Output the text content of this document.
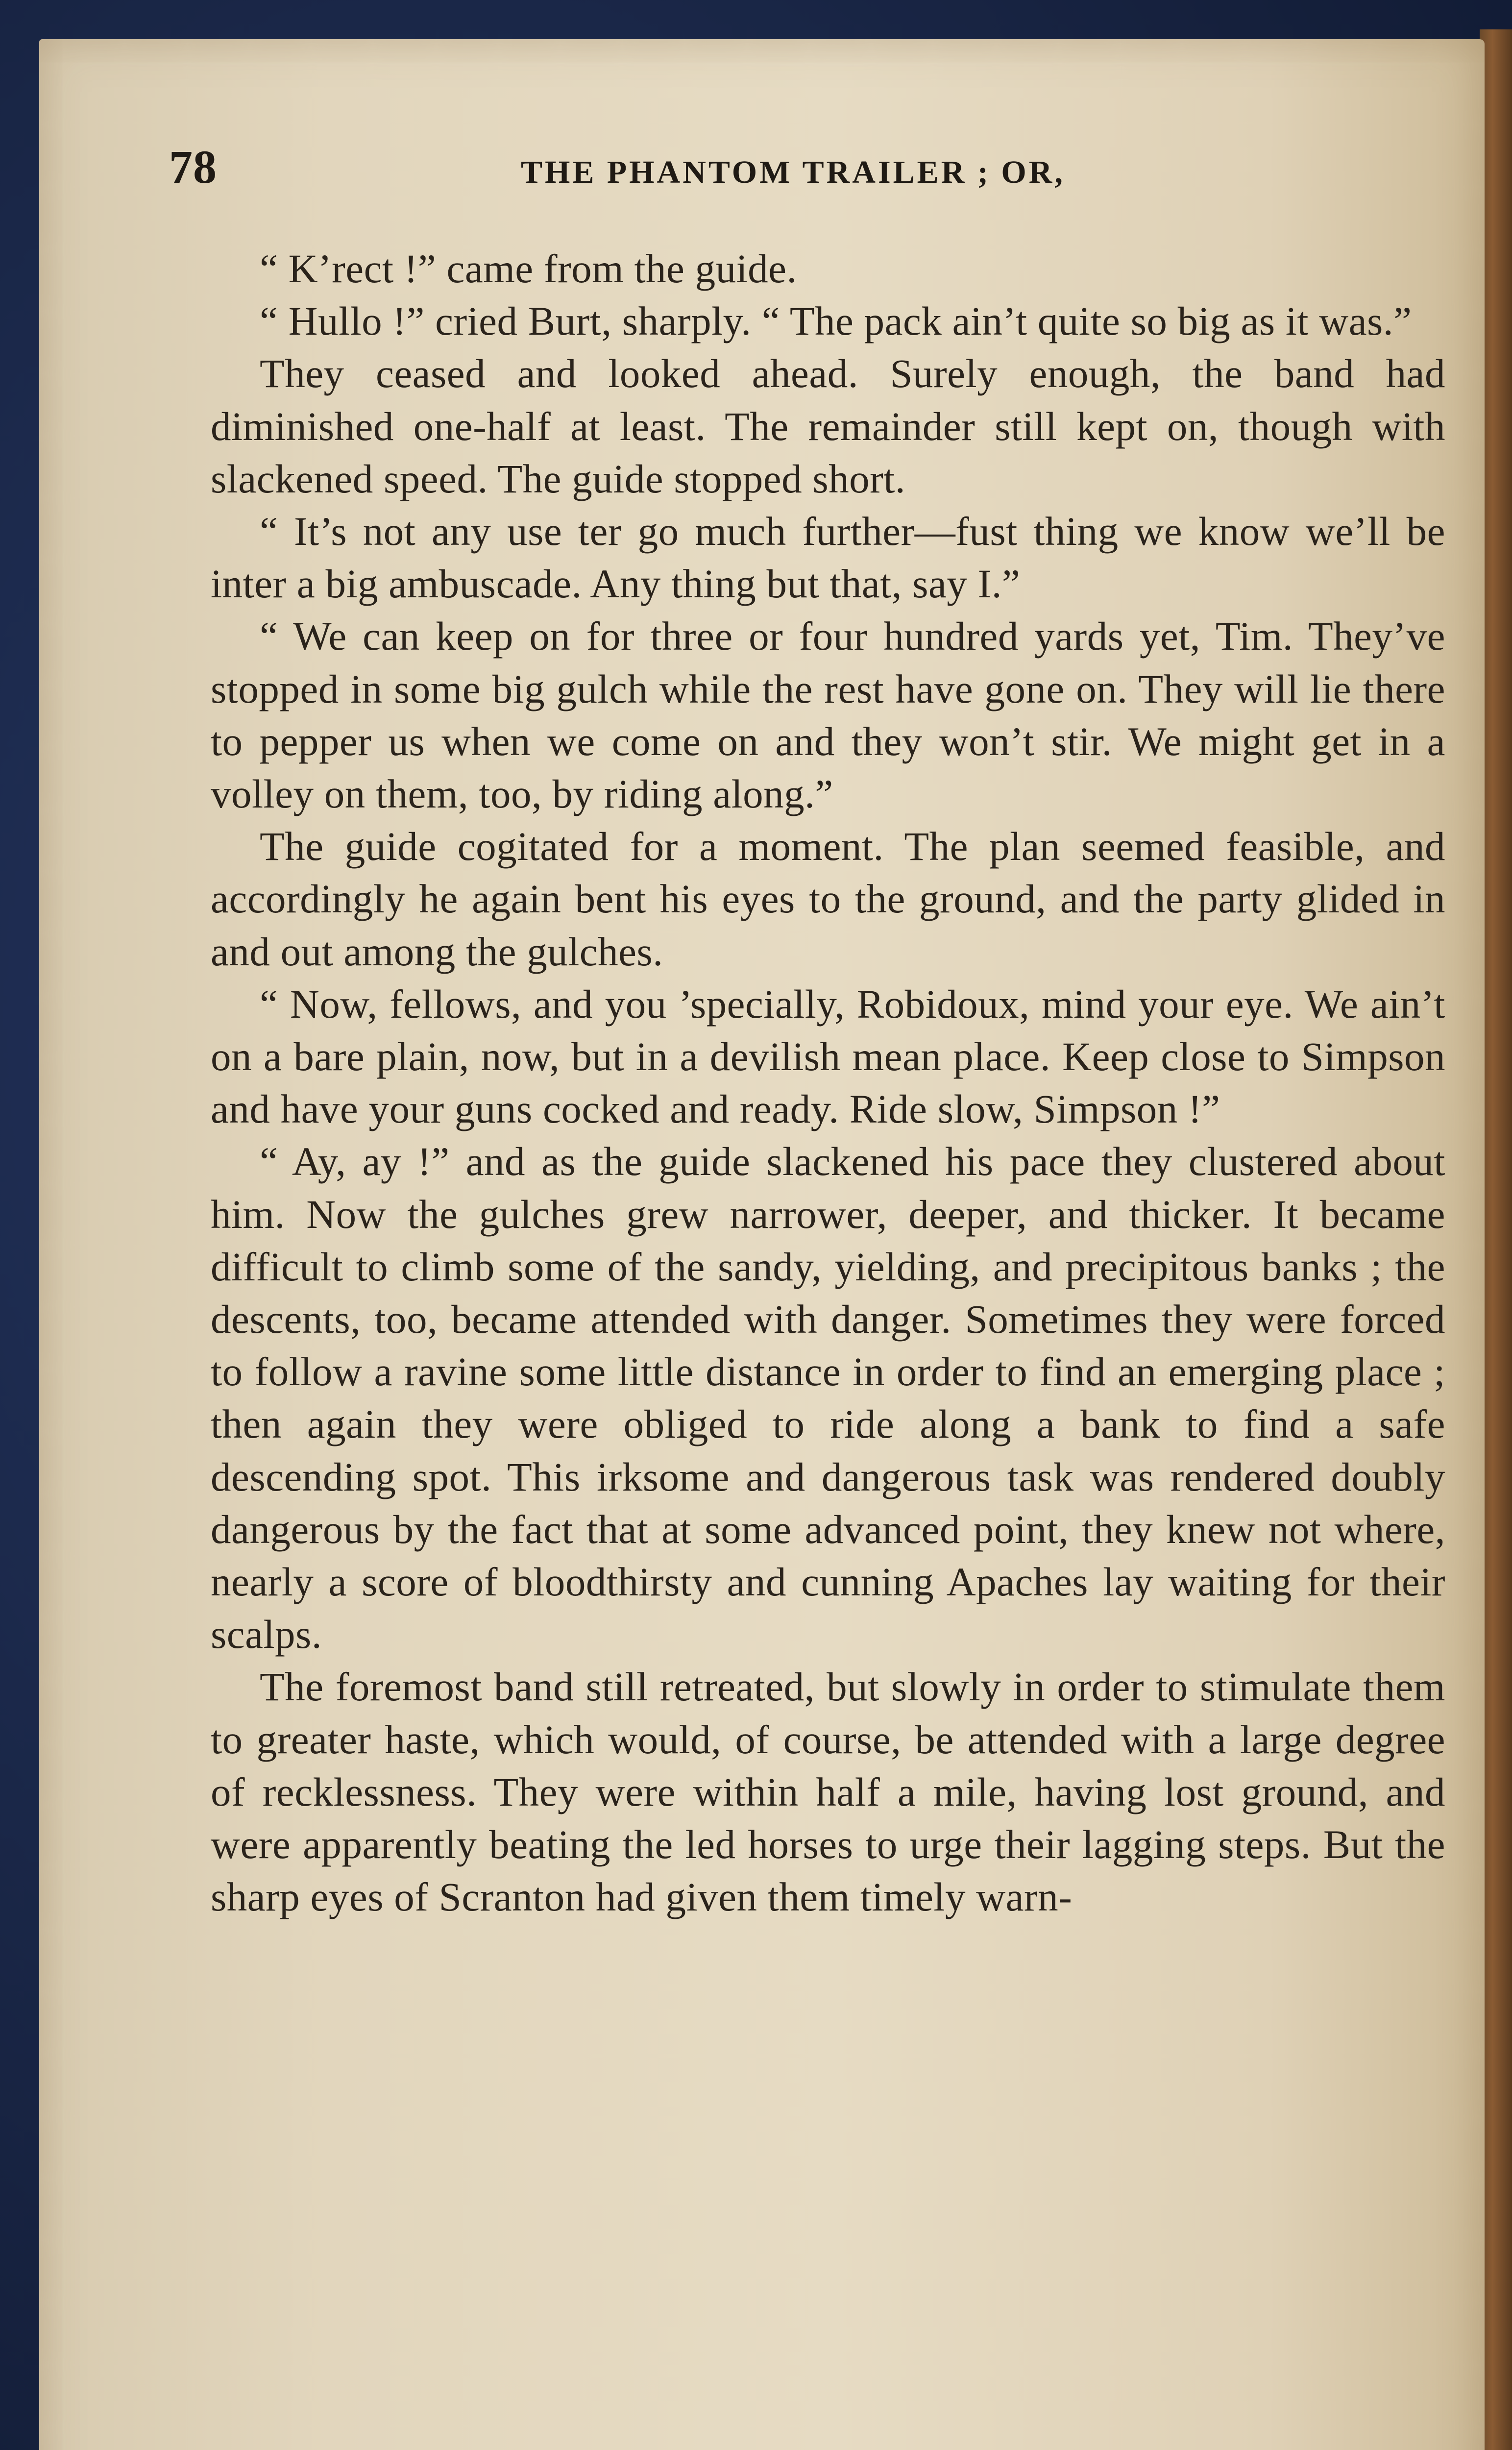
78	THE PHANTOM TRAILER ; OR,

“ K’rect !” came from the guide.

“ Hullo !” cried Burt, sharply. “ The pack ain’t quite so big as it was.”

They ceased and looked ahead. Surely enough, the band had diminished one-half at least. The remainder still kept on, though with slackened speed. The guide stopped short.

“ It’s not any use ter go much further—fust thing we know we’ll be inter a big ambuscade. Any thing but that, say I.”

“ We can keep on for three or four hundred yards yet, Tim. They’ve stopped in some big gulch while the rest have gone on. They will lie there to pepper us when we come on and they won’t stir. We might get in a volley on them, too, by riding along.”

The guide cogitated for a moment. The plan seemed feasible, and accordingly he again bent his eyes to the ground, and the party glided in and out among the gulches.

“ Now, fellows, and you ’specially, Robidoux, mind your eye. We ain’t on a bare plain, now, but in a devilish mean place. Keep close to Simpson and have your guns cocked and ready. Ride slow, Simpson !”

“ Ay, ay !” and as the guide slackened his pace they clustered about him. Now the gulches grew narrower, deeper, and thicker. It became difficult to climb some of the sandy, yielding, and precipitous banks ; the descents, too, became attended with danger. Sometimes they were forced to follow a ravine some little distance in order to find an emerging place ; then again they were obliged to ride along a bank to find a safe descending spot. This irksome and dangerous task was rendered doubly dangerous by the fact that at some advanced point, they knew not where, nearly a score of bloodthirsty and cunning Apaches lay waiting for their scalps.

The foremost band still retreated, but slowly in order to stimulate them to greater haste, which would, of course, be attended with a large degree of recklessness. They were within half a mile, having lost ground, and were apparently beating the led horses to urge their lagging steps. But the sharp eyes of Scranton had given them timely warn-
